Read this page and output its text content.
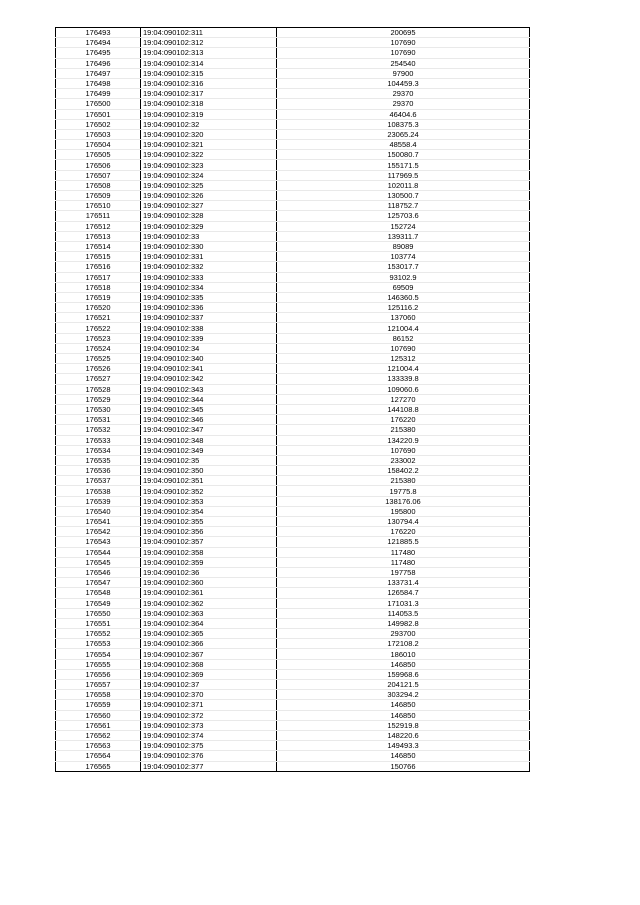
176493	19:04:090102:311	200695
176494	19:04:090102:312	107690
176495	19:04:090102:313	107690
176496	19:04:090102:314	254540
176497	19:04:090102:315	97900
176498	19:04:090102:316	104459.3
176499	19:04:090102:317	29370
176500	19:04:090102:318	29370
176501	19:04:090102:319	46404.6
176502	19:04:090102:32	108375.3
176503	19:04:090102:320	23065.24
176504	19:04:090102:321	48558.4
176505	19:04:090102:322	150080.7
176506	19:04:090102:323	155171.5
176507	19:04:090102:324	117969.5
176508	19:04:090102:325	102011.8
176509	19:04:090102:326	130500.7
176510	19:04:090102:327	118752.7
176511	19:04:090102:328	125703.6
176512	19:04:090102:329	152724
176513	19:04:090102:33	139311.7
176514	19:04:090102:330	89089
176515	19:04:090102:331	103774
176516	19:04:090102:332	153017.7
176517	19:04:090102:333	93102.9
176518	19:04:090102:334	69509
176519	19:04:090102:335	146360.5
176520	19:04:090102:336	125116.2
176521	19:04:090102:337	137060
176522	19:04:090102:338	121004.4
176523	19:04:090102:339	86152
176524	19:04:090102:34	107690
176525	19:04:090102:340	125312
176526	19:04:090102:341	121004.4
176527	19:04:090102:342	133339.8
176528	19:04:090102:343	109060.6
176529	19:04:090102:344	127270
176530	19:04:090102:345	144108.8
176531	19:04:090102:346	176220
176532	19:04:090102:347	215380
176533	19:04:090102:348	134220.9
176534	19:04:090102:349	107690
176535	19:04:090102:35	233002
176536	19:04:090102:350	158402.2
176537	19:04:090102:351	215380
176538	19:04:090102:352	19775.8
176539	19:04:090102:353	138176.06
176540	19:04:090102:354	195800
176541	19:04:090102:355	130794.4
176542	19:04:090102:356	176220
176543	19:04:090102:357	121885.5
176544	19:04:090102:358	117480
176545	19:04:090102:359	117480
176546	19:04:090102:36	197758
176547	19:04:090102:360	133731.4
176548	19:04:090102:361	126584.7
176549	19:04:090102:362	171031.3
176550	19:04:090102:363	114053.5
176551	19:04:090102:364	149982.8
176552	19:04:090102:365	293700
176553	19:04:090102:366	172108.2
176554	19:04:090102:367	186010
176555	19:04:090102:368	146850
176556	19:04:090102:369	159968.6
176557	19:04:090102:37	204121.5
176558	19:04:090102:370	303294.2
176559	19:04:090102:371	146850
176560	19:04:090102:372	146850
176561	19:04:090102:373	152919.8
176562	19:04:090102:374	148220.6
176563	19:04:090102:375	149493.3
176564	19:04:090102:376	146850
176565	19:04:090102:377	150766
